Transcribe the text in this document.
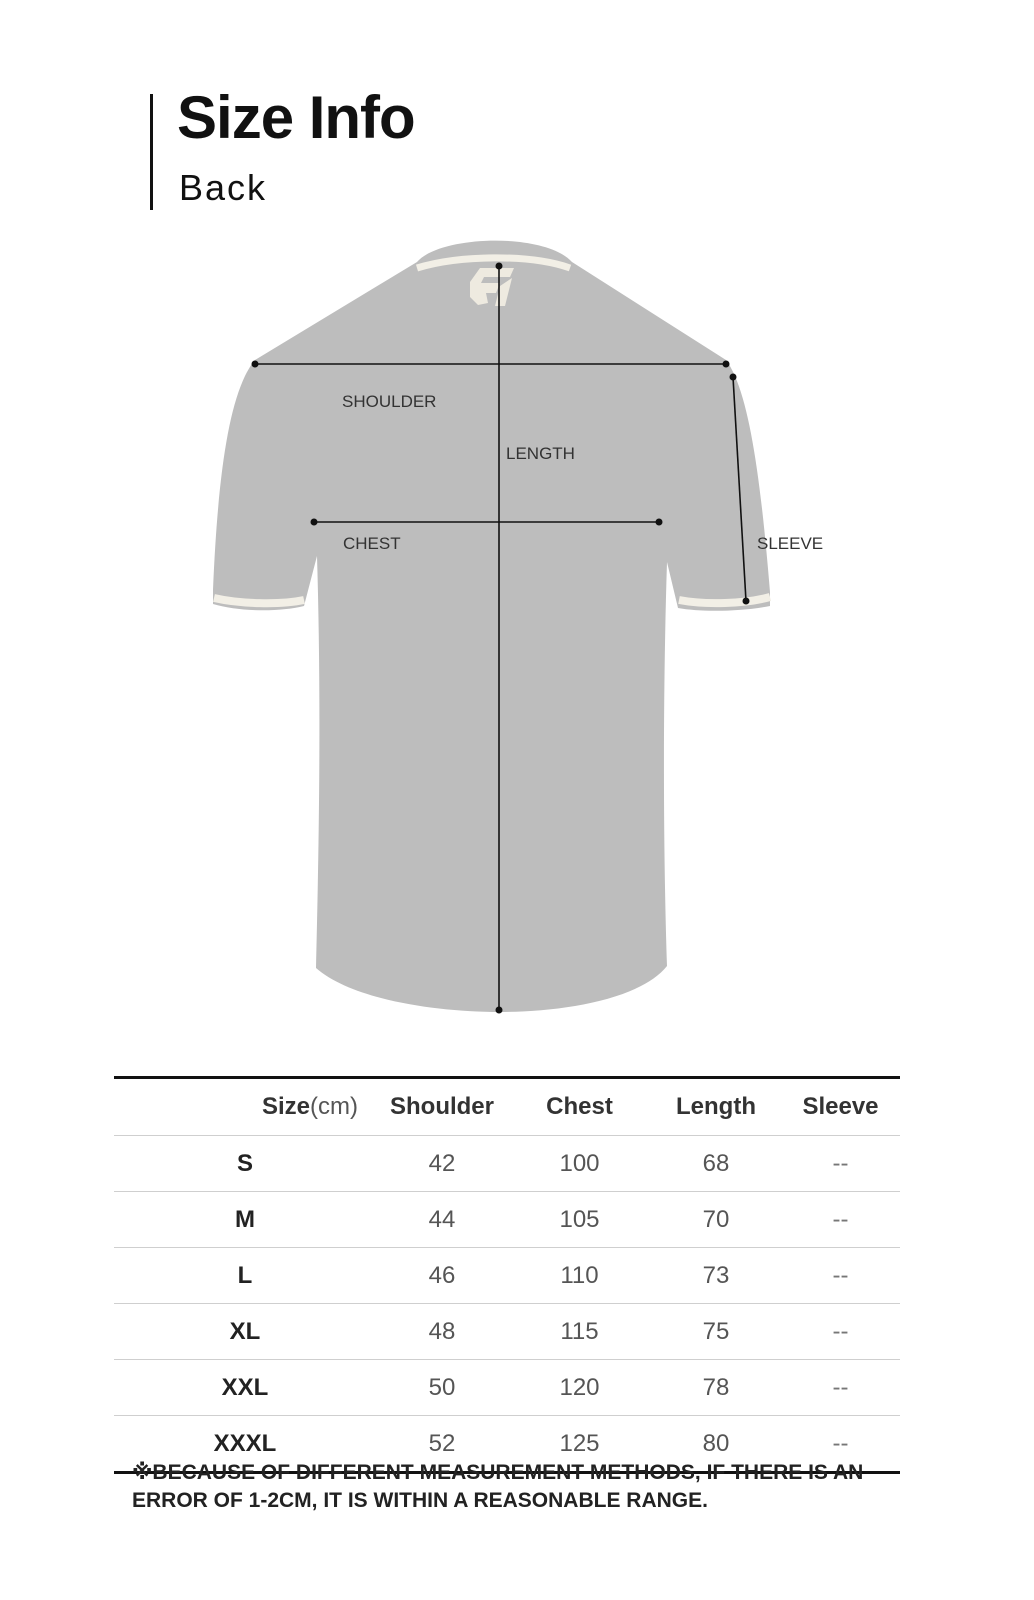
Size Info
Back
SHOULDER
LENGTH
CHEST	SLEEVE
Size(cm)	Shoulder	Chest	Length	Sleeve
S	42	100	68	--
M	44	105	70	--
L	46	110	73	--
XL	48	115	75	--
XXL	50	120	78	--
XXXL	52	125	80	--
※BECAUSE OF DIFFERENT MEASUREMENT METHODS, IF THERE IS AN ERROR OF 1-2CM, IT IS WITHIN A REASONABLE RANGE.
